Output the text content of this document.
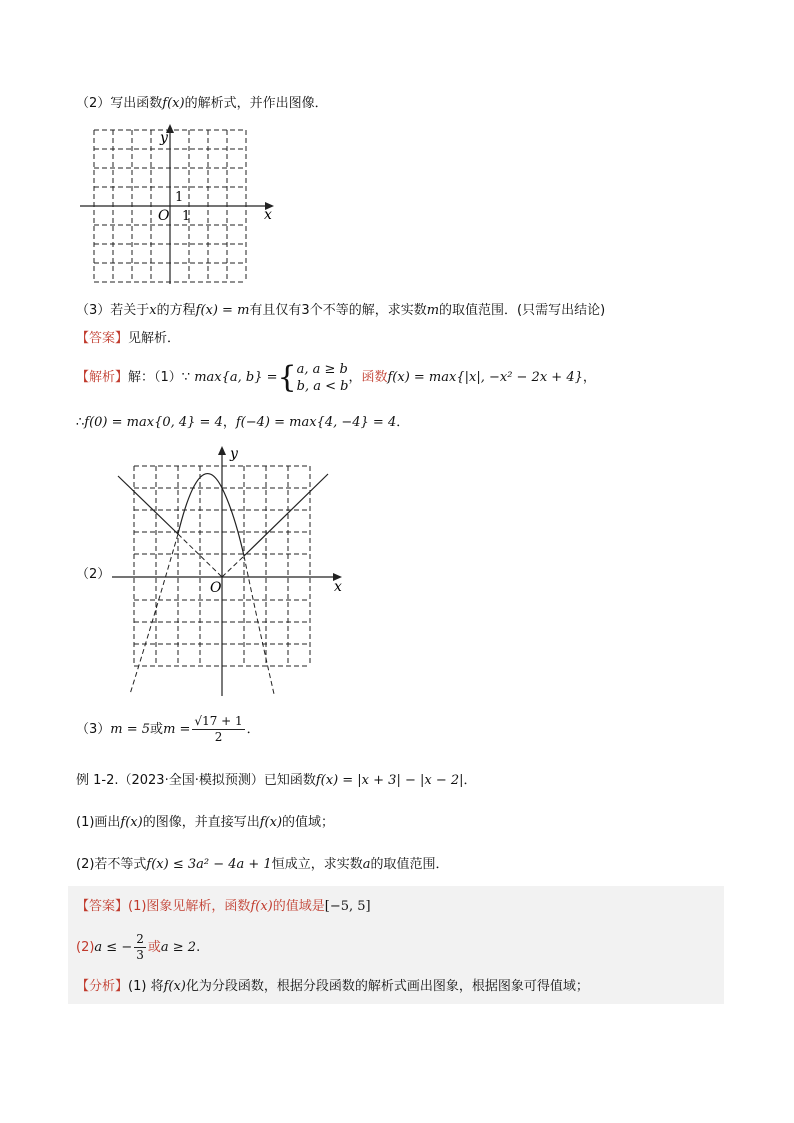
（2）写出函数f(x)的解析式，并作出图像．
y
x
O
1
1
（3）若关于x的方程f(x) = m有且仅有3个不等的解，求实数m的取值范围．(只需写出结论)
【答案】见解析．
【解析】解：（1）∵ max{a, b} ={ a, a ≥ b
b, a < b
，函数f(x) = max{|x|, −x² − 2x + 4}，
∴f(0) = max{0, 4} = 4，f(−4) = max{4, −4} = 4．
（2）
y
x
O
（3）m = 5或$m = \frac{√17 + 1}{2}$ ．
例 1-2.（2023·全国·模拟预测）已知函数f(x) = |x + 3| − |x − 2|．
(1)画出f(x)的图像，并直接写出f(x)的值域；
(2)若不等式f(x) ≤ 3a² − 4a + 1恒成立，求实数a的取值范围．
【答案】(1)图象见解析，函数f(x)的值域是[−5, 5]
(2)a ≤ − $\frac{2}{3}$ 或a ≥ 2.
【分析】(1) 将f(x)化为分段函数，根据分段函数的解析式画出图象，根据图象可得值域；
